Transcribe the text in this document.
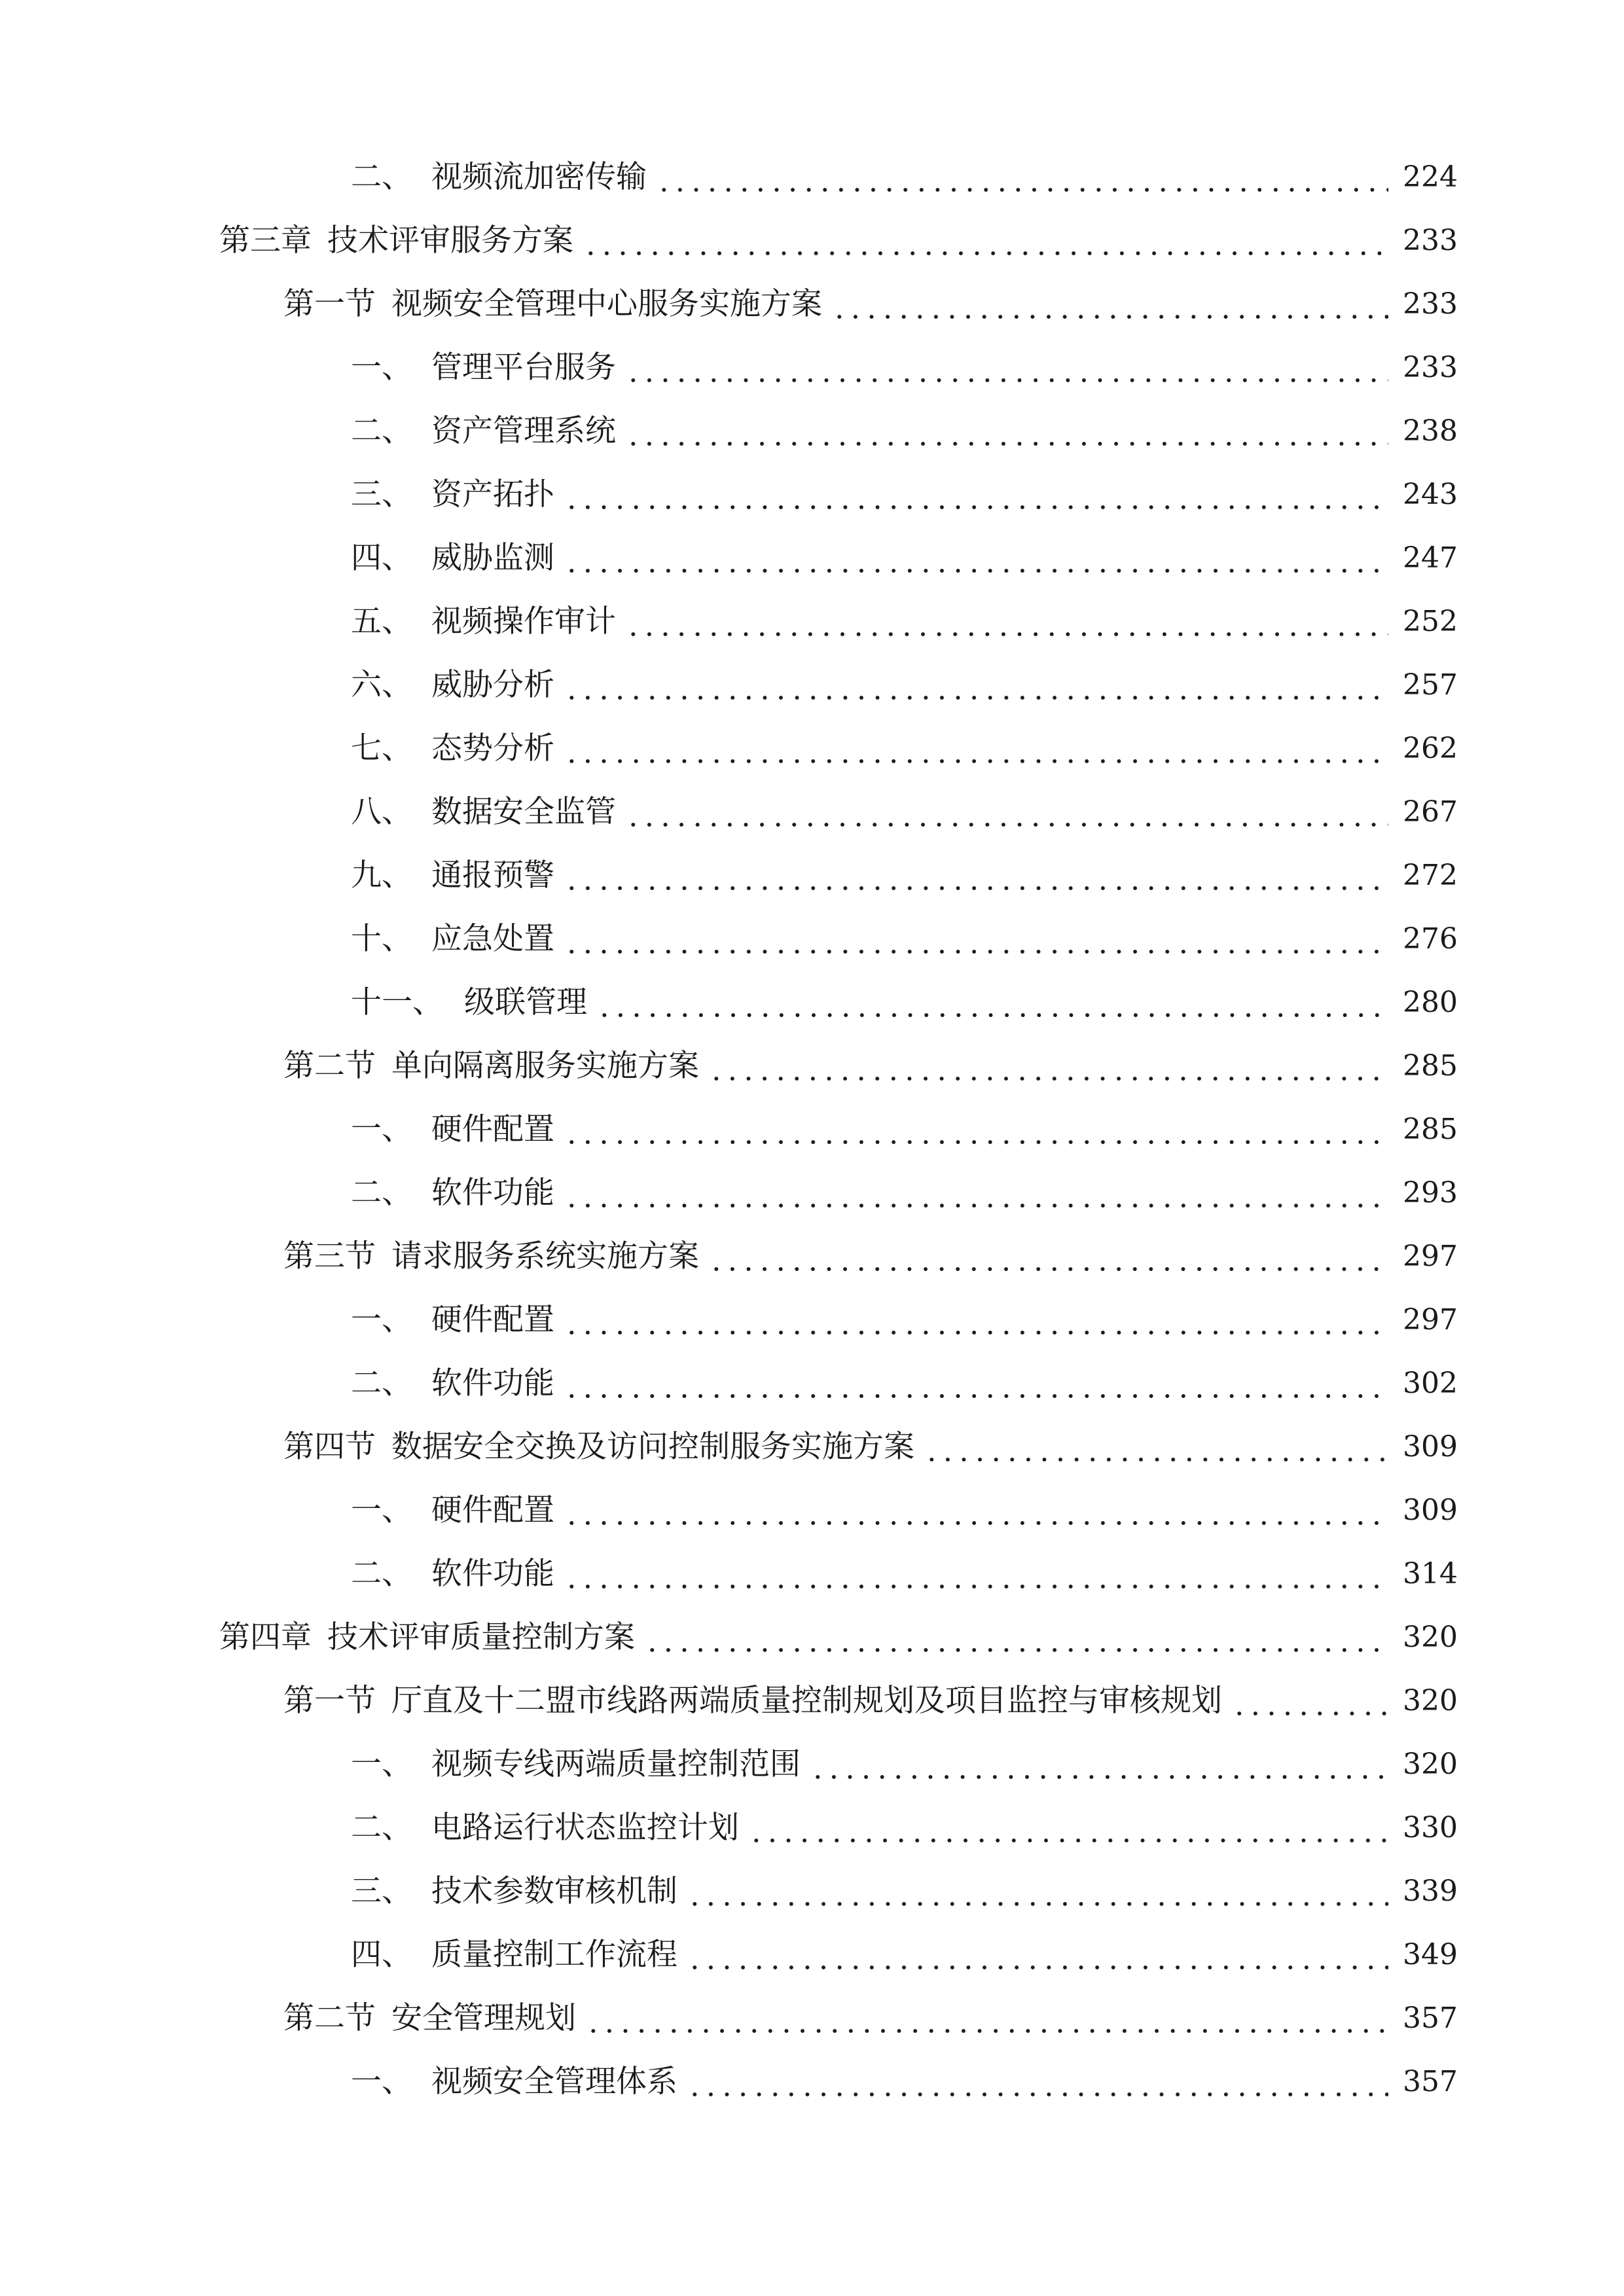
二、 视频流加密传输	224
第三章 技术评审服务方案	233
第一节 视频安全管理中心服务实施方案	233
一、 管理平台服务	233
二、 资产管理系统	238
三、 资产拓扑	243
四、 威胁监测	247
五、 视频操作审计	252
六、 威胁分析	257
七、 态势分析	262
八、 数据安全监管	267
九、 通报预警	272
十、 应急处置	276
十一、 级联管理	280
第二节 单向隔离服务实施方案	285
一、 硬件配置	285
二、 软件功能	293
第三节 请求服务系统实施方案	297
一、 硬件配置	297
二、 软件功能	302
第四节 数据安全交换及访问控制服务实施方案	309
一、 硬件配置	309
二、 软件功能	314
第四章 技术评审质量控制方案	320
第一节 厅直及十二盟市线路两端质量控制规划及项目监控与审核规划	320
一、 视频专线两端质量控制范围	320
二、 电路运行状态监控计划	330
三、 技术参数审核机制	339
四、 质量控制工作流程	349
第二节 安全管理规划	357
一、 视频安全管理体系	357
